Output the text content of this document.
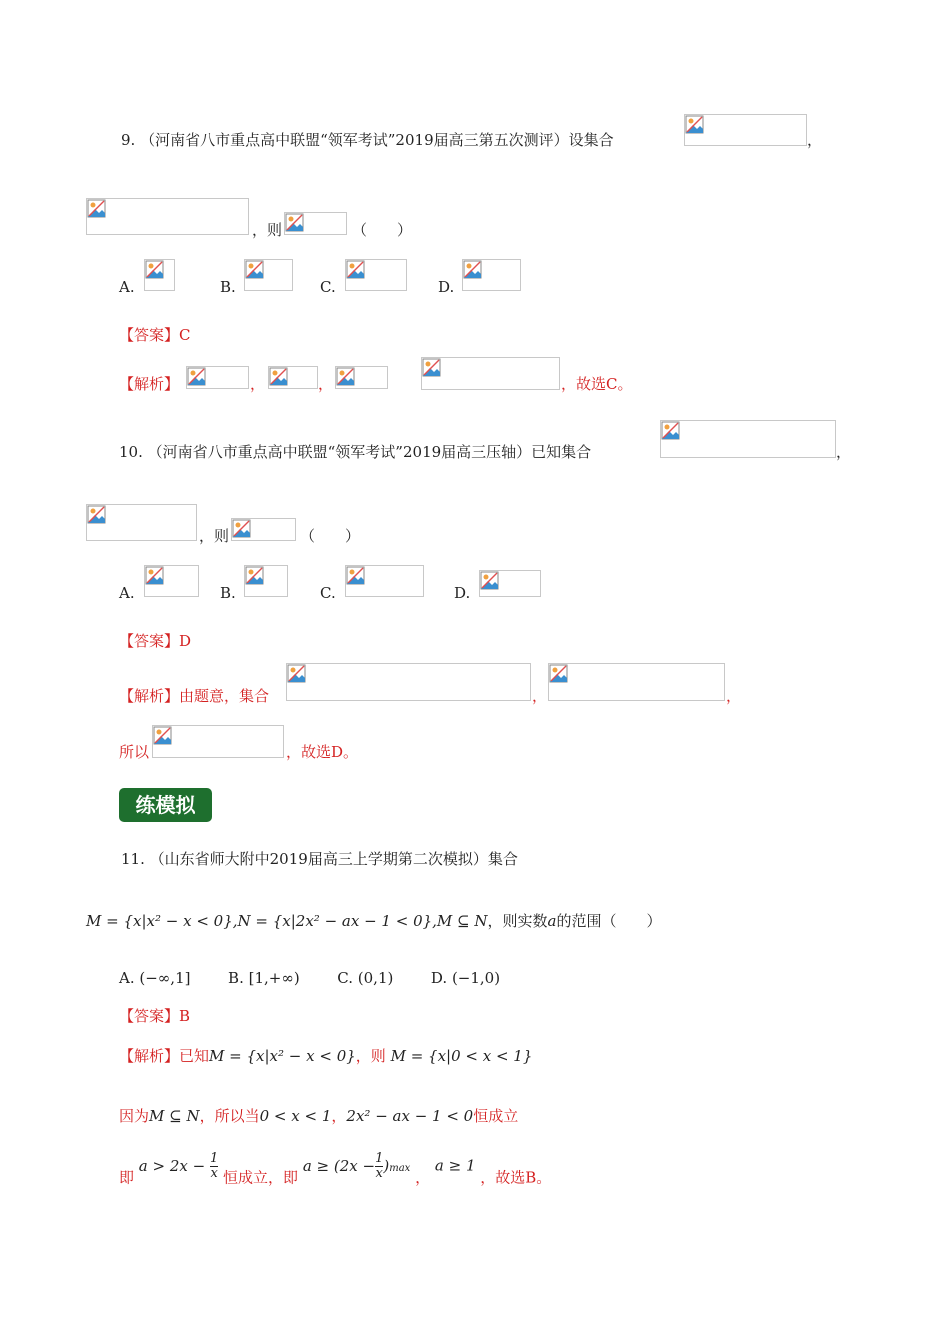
9. （河南省八市重点高中联盟“领军考试”2019届高三第五次测评）设集合	，
，则	（　　）
A.	B.	C.	D.
【答案】C
【解析】	，	，	，故选C。
10. （河南省八市重点高中联盟“领军考试”2019届高三压轴）已知集合	，
，则	（　　）
A.	B.	C.	D.
【答案】D
【解析】由题意，集合	，	，
所以	，故选D。
练模拟
11. （山东省师大附中2019届高三上学期第二次模拟）集合
M = {x|x² − x < 0},N = {x|2x² − ax − 1 < 0},M ⊆ N，则实数a的范围（　　）
A. (−∞,1]	B. [1,+∞)	C. (0,1)	D. (−1,0)
【答案】B
【解析】已知M = {x|x² − x < 0}，则 M = {x|0 < x < 1}
因为M ⊆ N，所以当0 < x < 1，2x² − ax − 1 < 0恒成立
即 $a > 2x - \frac{1}{x}$ 恒成立，即 $a \ge (2x - \frac{1}{x} )\max$ ， a ≥ 1 ，故选B。
